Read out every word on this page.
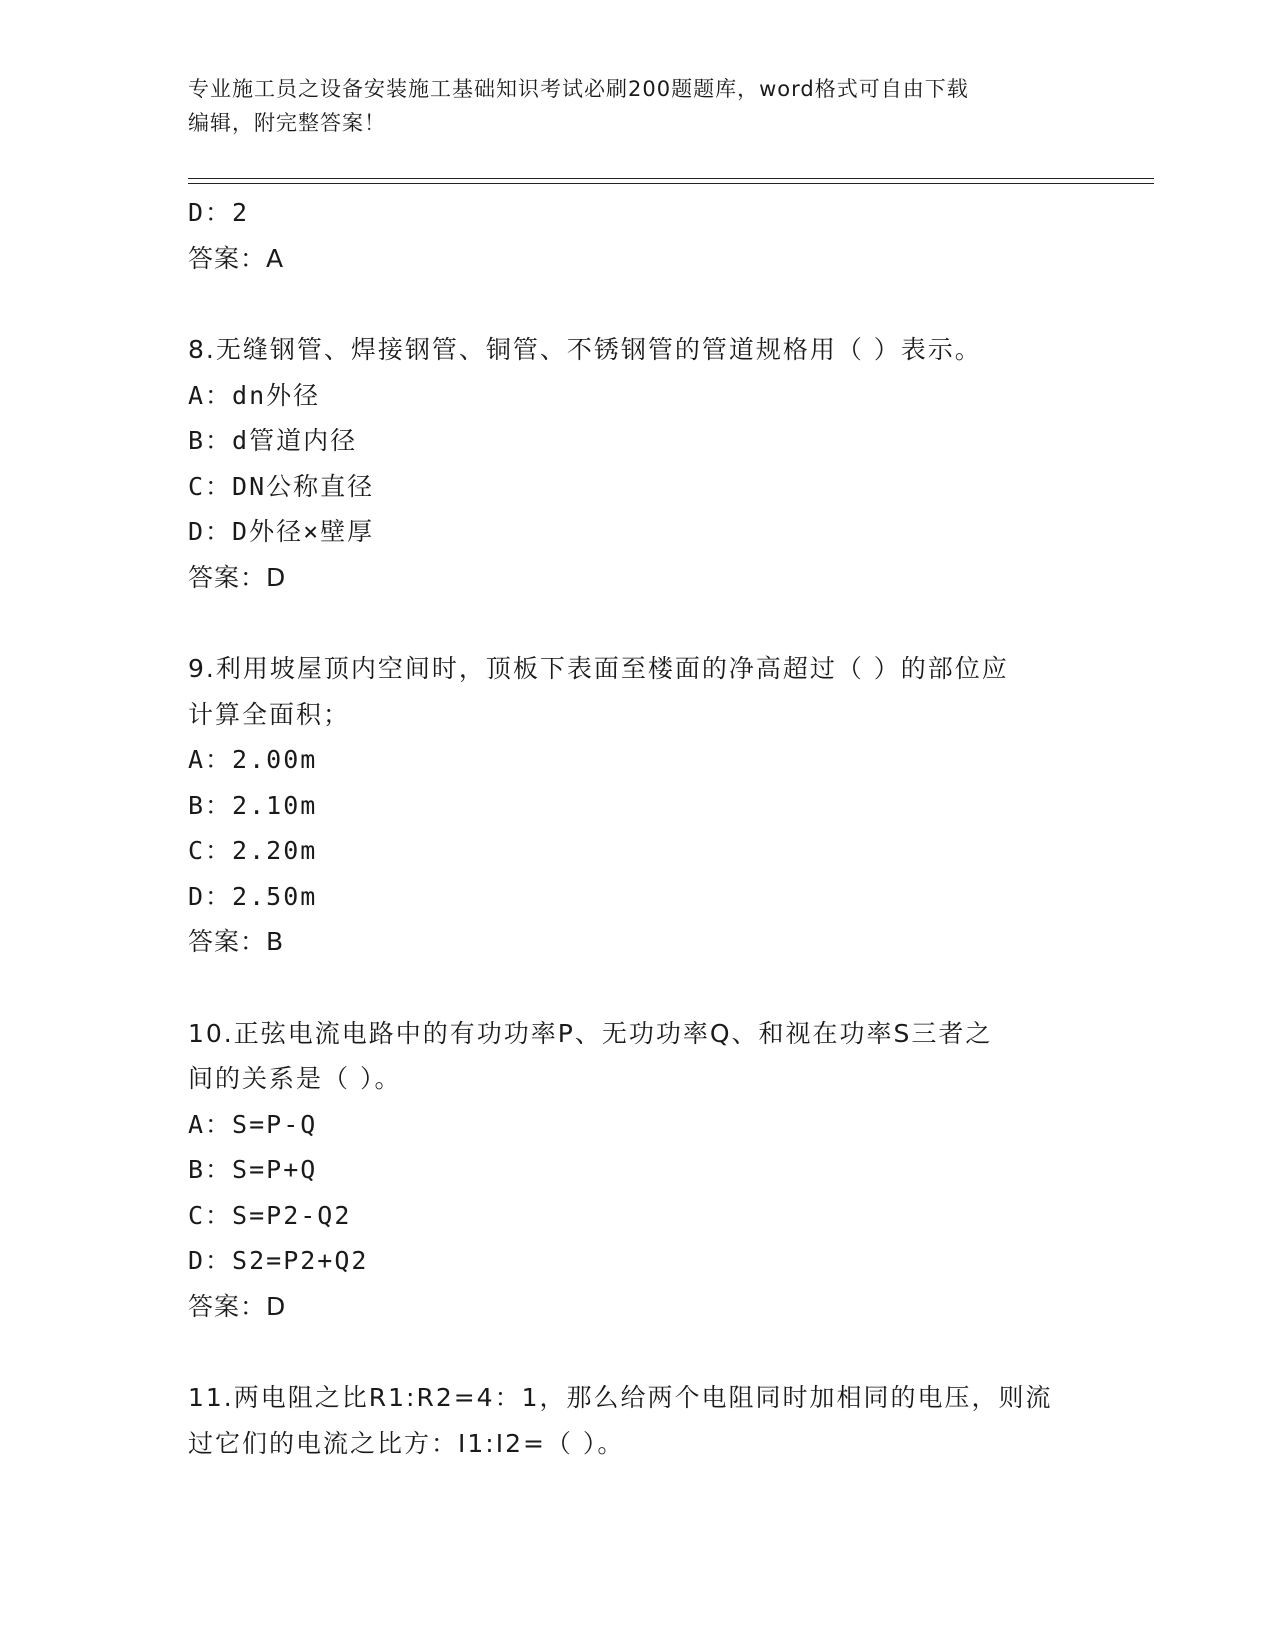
专业施工员之设备安装施工基础知识考试必刷200题题库，word格式可自由下载
编辑，附完整答案！
D：2
答案：A
8.无缝钢管、焊接钢管、铜管、不锈钢管的管道规格用（ ）表示。
A：dn外径
B：d管道内径
C：DN公称直径
D：D外径×壁厚
答案：D
9.利用坡屋顶内空间时，顶板下表面至楼面的净高超过（ ）的部位应
计算全面积；
A：2.00m
B：2.10m
C：2.20m
D：2.50m
答案：B
10.正弦电流电路中的有功功率P、无功功率Q、和视在功率S三者之
间的关系是（ ）。
A：S=P-Q
B：S=P+Q
C：S=P2-Q2
D：S2=P2+Q2
答案：D
11.两电阻之比R1:R2=4：1，那么给两个电阻同时加相同的电压，则流
过它们的电流之比方：I1:I2=（ ）。
